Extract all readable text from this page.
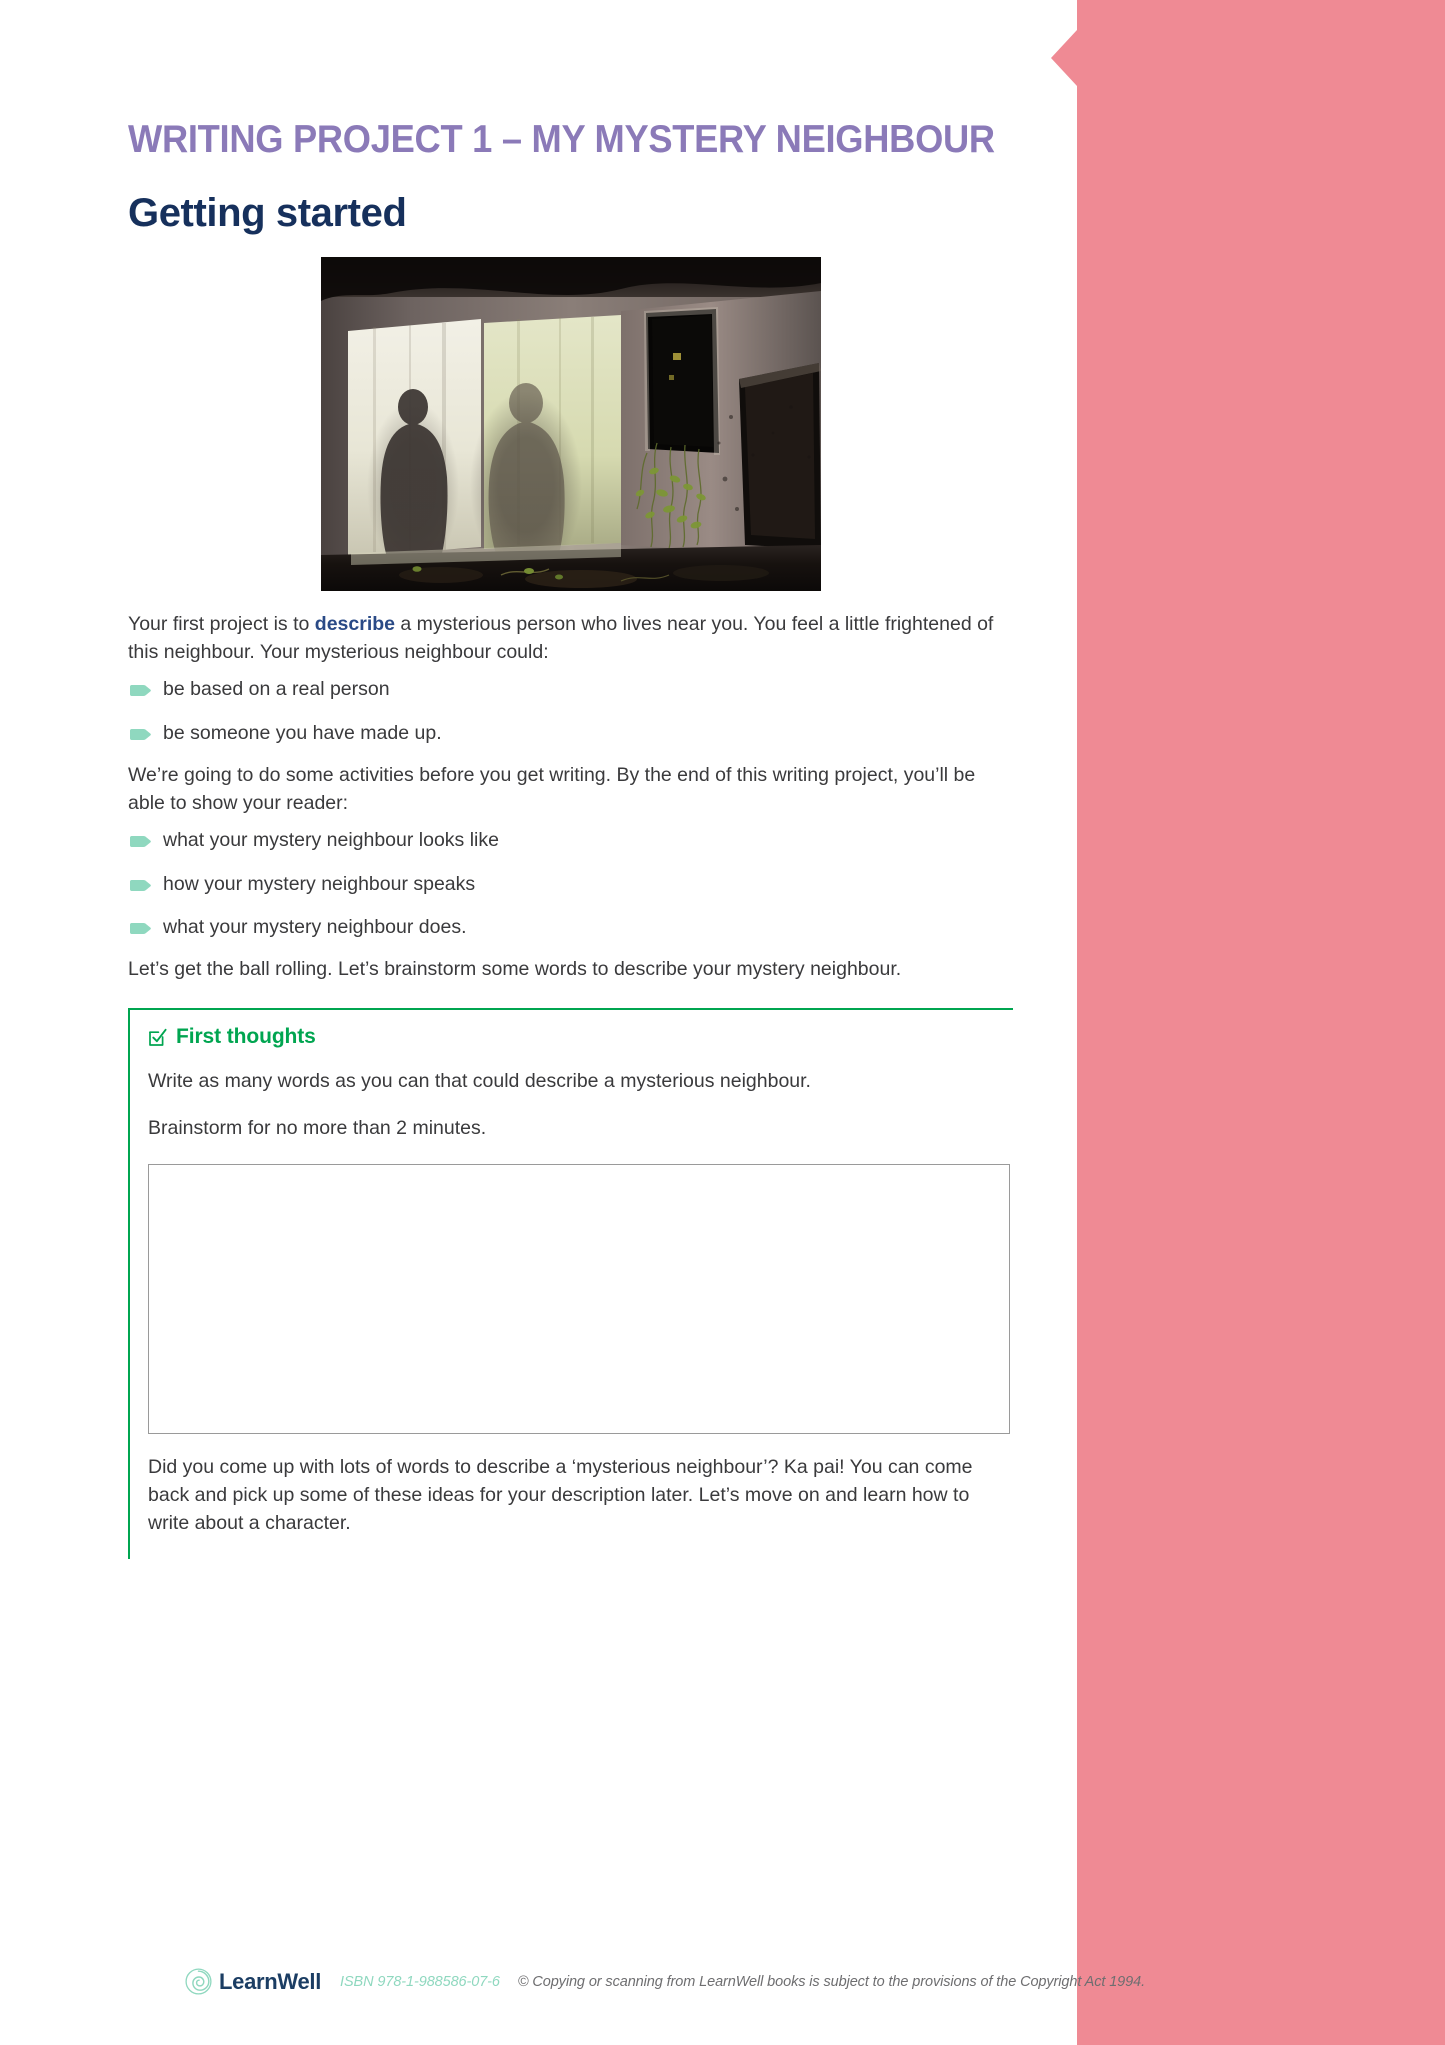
WRITING PROJECT 1 – MY MYSTERY NEIGHBOUR
Getting started

Your first project is to describe a mysterious person who lives near you. You feel a little frightened of this neighbour. Your mysterious neighbour could:

be based on a real person
be someone you have made up.

We’re going to do some activities before you get writing. By the end of this writing project, you’ll be able to show your reader:

what your mystery neighbour looks like
how your mystery neighbour speaks
what your mystery neighbour does.

Let’s get the ball rolling. Let’s brainstorm some words to describe your mystery neighbour.

First thoughts

Write as many words as you can that could describe a mysterious neighbour.

Brainstorm for no more than 2 minutes.

Did you come up with lots of words to describe a ‘mysterious neighbour’? Ka pai! You can come back and pick up some of these ideas for your description later. Let’s move on and learn how to write about a character.

LearnWell ISBN 978-1-988586-07-6 © Copying or scanning from LearnWell books is subject to the provisions of the Copyright Act 1994.
